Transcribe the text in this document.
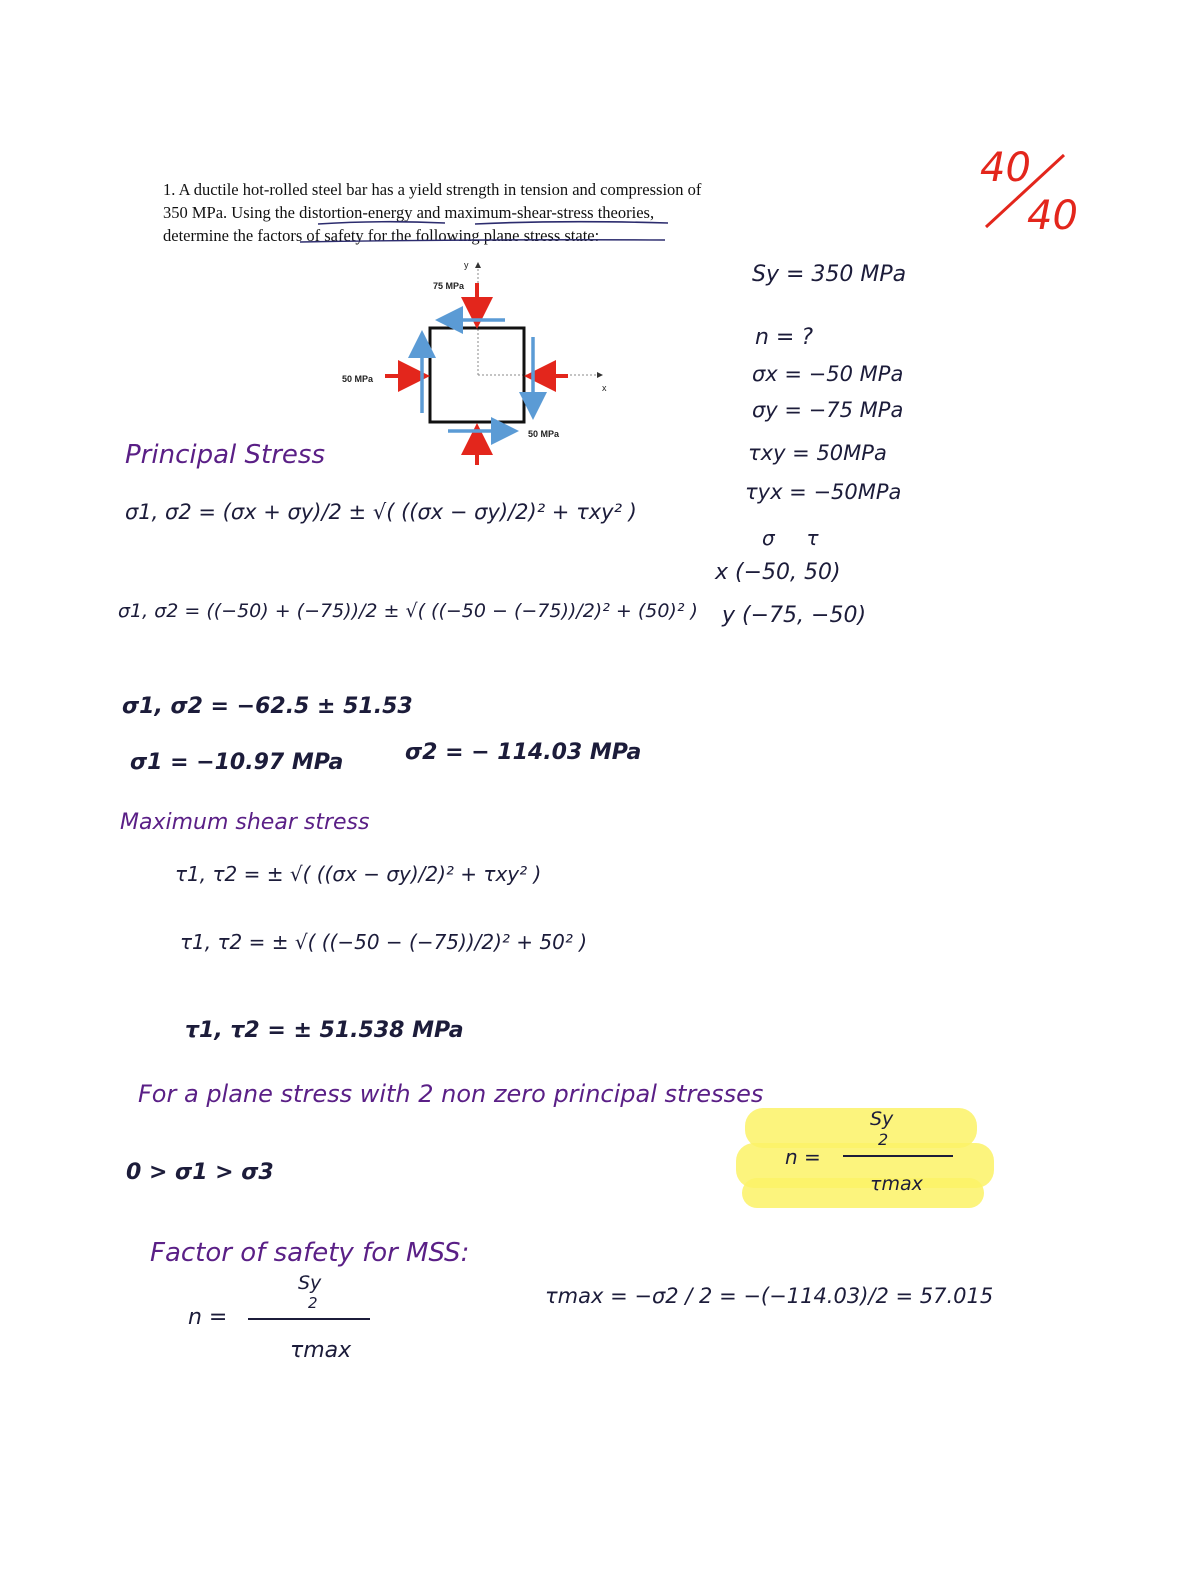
40
40
1. A ductile hot-rolled steel bar has a yield strength in tension and compression of
350 MPa. Using the distortion-energy and maximum-shear-stress theories,
determine the factors of safety for the following plane stress state:
75 MPa
50 MPa
50 MPa
y
x
Sy = 350 MPa
n = ?
σx = −50 MPa
σy = −75 MPa
τxy = 50MPa
τyx = −50MPa
σ     τ
x (−50, 50)
y (−75, −50)
Principal Stress
σ1, σ2 = (σx + σy)/2 ± √( ((σx − σy)/2)² + τxy² )
σ1, σ2 = ((−50) + (−75))/2 ± √( ((−50 − (−75))/2)² + (50)² )
σ1, σ2 = −62.5 ± 51.53
σ1 = −10.97 MPa	σ2 = − 114.03 MPa
Maximum shear stress
τ1, τ2 = ± √( ((σx − σy)/2)² + τxy² )
τ1, τ2 = ± √( ((−50 − (−75))/2)² + 50² )
τ1, τ2 = ± 51.538 MPa
For a plane stress with 2 non zero principal stresses
0 > σ1 > σ3
Sy
2
n =
τmax
Factor of safety for MSS:
Sy
2
n =
τmax
τmax = −σ2 / 2 = −(−114.03)/2 = 57.015
